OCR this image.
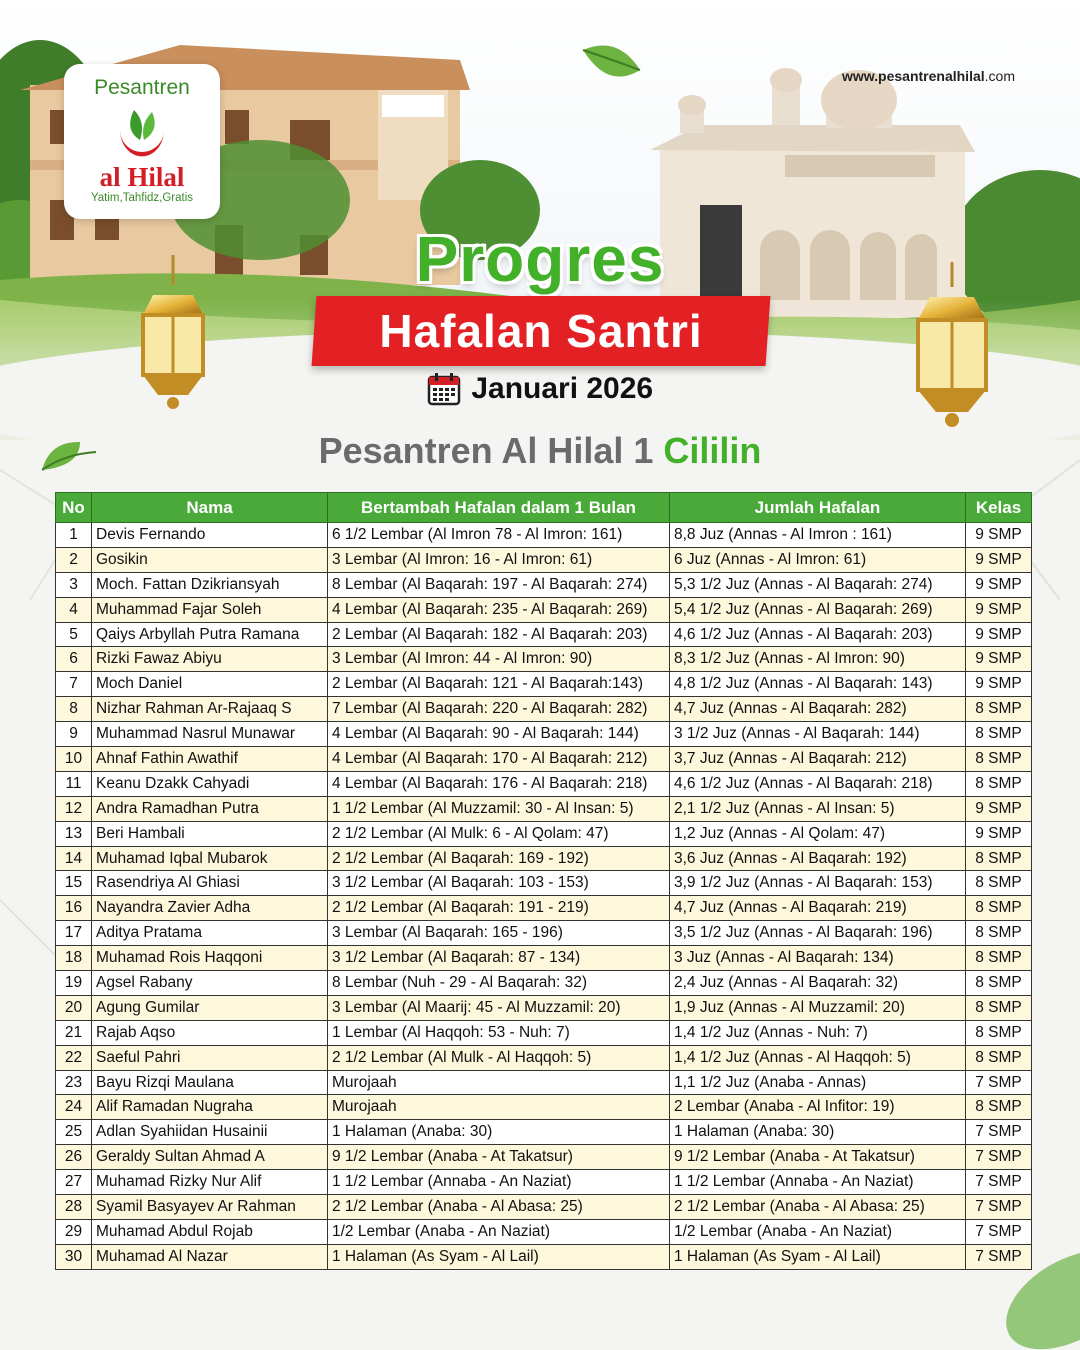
Pesantren
al Hilal
Yatim,Tahfidz,Gratis
www.pesantrenalhilal.com
Progres
Hafalan Santri
Januari 2026
Pesantren Al Hilal 1 Cililin
No	Nama	Bertambah Hafalan dalam 1 Bulan	Jumlah Hafalan	Kelas
1	Devis Fernando	6 1/2 Lembar (Al Imron 78 - Al Imron: 161)	8,8 Juz (Annas - Al Imron : 161)	9 SMP
2	Gosikin	3 Lembar (Al Imron: 16 - Al Imron: 61)	6 Juz (Annas - Al Imron: 61)	9 SMP
3	Moch. Fattan Dzikriansyah	8 Lembar (Al Baqarah: 197 - Al Baqarah: 274)	5,3 1/2 Juz (Annas - Al Baqarah: 274)	9 SMP
4	Muhammad Fajar Soleh	4 Lembar (Al Baqarah: 235 - Al Baqarah: 269)	5,4 1/2 Juz (Annas - Al Baqarah: 269)	9 SMP
5	Qaiys Arbyllah Putra Ramana	2 Lembar (Al Baqarah: 182 - Al Baqarah: 203)	4,6 1/2 Juz (Annas - Al Baqarah: 203)	9 SMP
6	Rizki Fawaz Abiyu	3 Lembar (Al Imron: 44 - Al Imron: 90)	8,3 1/2 Juz (Annas - Al Imron: 90)	9 SMP
7	Moch Daniel	2 Lembar (Al Baqarah: 121 - Al Baqarah:143)	4,8 1/2 Juz (Annas - Al Baqarah: 143)	9 SMP
8	Nizhar Rahman Ar-Rajaaq S	7 Lembar (Al Baqarah: 220 - Al Baqarah: 282)	4,7 Juz (Annas - Al Baqarah: 282)	8 SMP
9	Muhammad Nasrul Munawar	4 Lembar (Al Baqarah: 90 - Al Baqarah: 144)	3 1/2 Juz (Annas - Al Baqarah: 144)	8 SMP
10	Ahnaf Fathin Awathif	4 Lembar (Al Baqarah: 170 - Al Baqarah: 212)	3,7 Juz (Annas - Al Baqarah: 212)	8 SMP
11	Keanu Dzakk Cahyadi	4 Lembar (Al Baqarah: 176 - Al Baqarah: 218)	4,6 1/2 Juz (Annas - Al Baqarah: 218)	8 SMP
12	Andra Ramadhan Putra	1 1/2 Lembar (Al Muzzamil: 30 - Al Insan: 5)	2,1 1/2 Juz (Annas - Al Insan: 5)	9 SMP
13	Beri Hambali	2 1/2 Lembar (Al Mulk: 6 - Al Qolam: 47)	1,2 Juz (Annas - Al Qolam: 47)	9 SMP
14	Muhamad Iqbal Mubarok	2 1/2 Lembar (Al Baqarah: 169 - 192)	3,6 Juz (Annas - Al Baqarah: 192)	8 SMP
15	Rasendriya Al Ghiasi	3 1/2 Lembar (Al Baqarah: 103 - 153)	3,9 1/2 Juz (Annas - Al Baqarah: 153)	8 SMP
16	Nayandra Zavier Adha	2 1/2 Lembar (Al Baqarah: 191 - 219)	4,7 Juz (Annas - Al Baqarah: 219)	8 SMP
17	Aditya Pratama	3 Lembar (Al Baqarah: 165 - 196)	3,5 1/2 Juz (Annas - Al Baqarah: 196)	8 SMP
18	Muhamad Rois Haqqoni	3 1/2 Lembar (Al Baqarah: 87 - 134)	3 Juz (Annas - Al Baqarah: 134)	8 SMP
19	Agsel Rabany	8 Lembar (Nuh - 29 - Al Baqarah: 32)	2,4 Juz (Annas - Al Baqarah: 32)	8 SMP
20	Agung Gumilar	3 Lembar (Al Maarij: 45 - Al Muzzamil: 20)	1,9 Juz (Annas - Al Muzzamil: 20)	8 SMP
21	Rajab Aqso	1 Lembar (Al Haqqoh: 53 - Nuh: 7)	1,4 1/2 Juz (Annas - Nuh: 7)	8 SMP
22	Saeful Pahri	2 1/2 Lembar (Al Mulk - Al Haqqoh: 5)	1,4 1/2 Juz (Annas - Al Haqqoh: 5)	8 SMP
23	Bayu Rizqi Maulana	Murojaah	1,1 1/2 Juz (Anaba - Annas)	7 SMP
24	Alif Ramadan Nugraha	Murojaah	2 Lembar (Anaba - Al Infitor: 19)	8 SMP
25	Adlan Syahiidan Husainii	1 Halaman (Anaba: 30)	1 Halaman (Anaba: 30)	7 SMP
26	Geraldy Sultan Ahmad A	9 1/2 Lembar (Anaba - At Takatsur)	9 1/2 Lembar (Anaba - At Takatsur)	7 SMP
27	Muhamad Rizky Nur Alif	1 1/2 Lembar (Annaba - An Naziat)	1 1/2 Lembar (Annaba - An Naziat)	7 SMP
28	Syamil Basyayev Ar Rahman	2 1/2 Lembar (Anaba - Al Abasa: 25)	2 1/2 Lembar (Anaba - Al Abasa: 25)	7 SMP
29	Muhamad Abdul Rojab	1/2 Lembar (Anaba - An Naziat)	1/2 Lembar (Anaba - An Naziat)	7 SMP
30	Muhamad Al Nazar	1 Halaman (As Syam - Al Lail)	1 Halaman (As Syam - Al Lail)	7 SMP
